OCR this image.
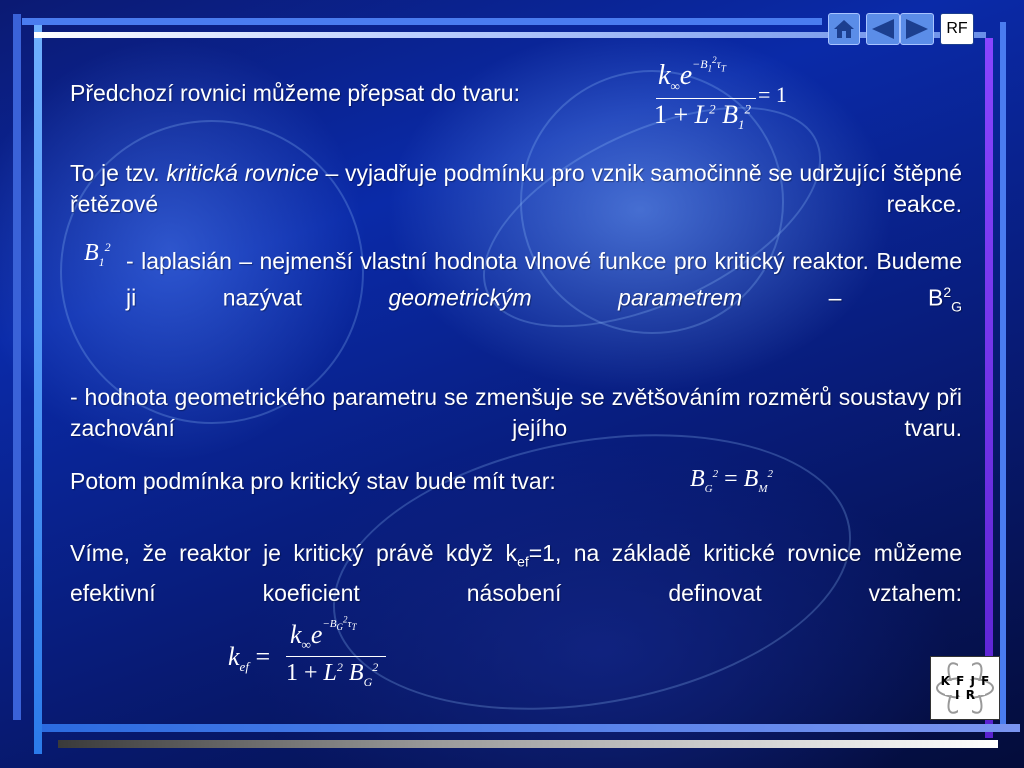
RF
Předchozí rovnici můžeme přepsat do tvaru:
$k_\infty e^{-B_1^2\tau_T}$
= 1
$1 + L^2$ $B_1^2$
To je tzv. kritická rovnice – vyjadřuje podmínku pro vznik samočinně se udržující štěpné řetězové reakce.
$B_1^2$
- laplasián – nejmenší vlastní hodnota vlnové funkce pro kritický reaktor. Budeme ji nazývat geometrickým parametrem – $B^2_G$
- hodnota geometrického parametru se zmenšuje se zvětšováním rozměrů soustavy při zachování jejího tvaru.
Potom podmínka pro kritický stav bude mít tvar:	$B_G^2 = B_M^2$
Víme, že reaktor je kritický právě když $k_{ef}=1$, na základě kritické rovnice můžeme efektivní koeficient násobení definovat vztahem:
$k_{ef}$ =
$k_\infty e^{-B_G^2\tau_T}$
$1 + L^2$ $B_G^2$
K F J F I R
